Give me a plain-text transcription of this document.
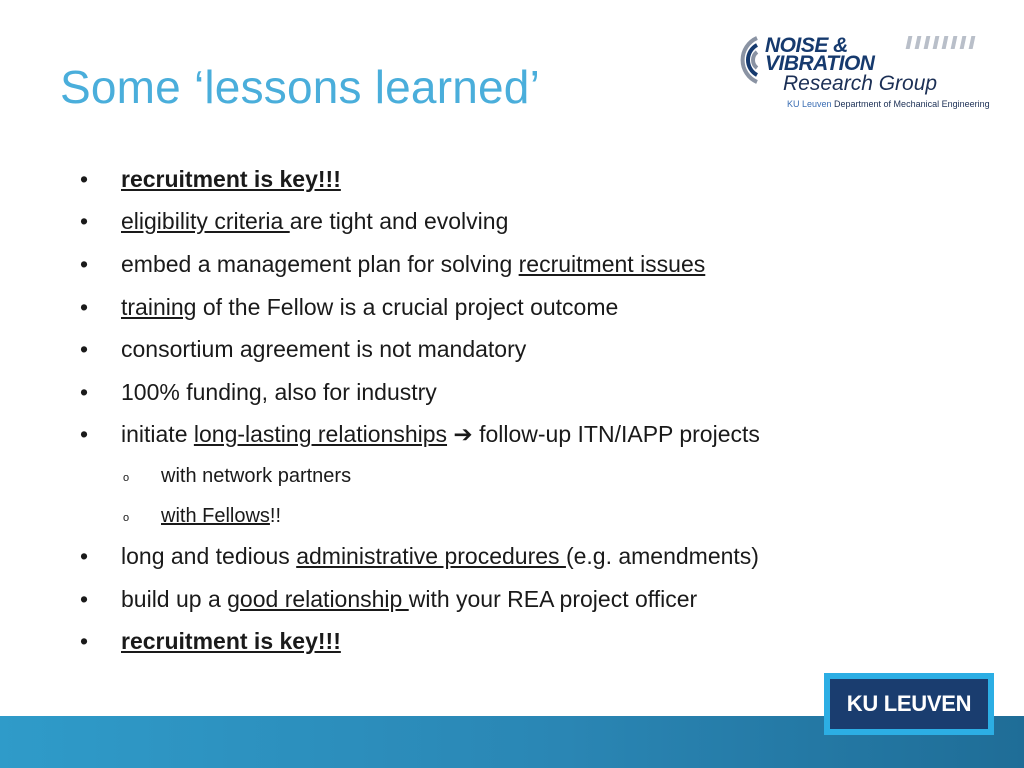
Some ‘lessons learned’
NOISE &
VIBRATION
Research Group
KU Leuven Department of Mechanical Engineering
• recruitment is key!!!
• eligibility criteria are tight and evolving
• embed a management plan for solving recruitment issues
• training of the Fellow is a crucial project outcome
• consortium agreement is not mandatory
• 100% funding, also for industry
• initiate long-lasting relationships ➔ follow-up ITN/IAPP projects
o with network partners
o with Fellows!!
• long and tedious administrative procedures (e.g. amendments)
• build up a good relationship with your REA project officer
• recruitment is key!!!
KU LEUVEN
